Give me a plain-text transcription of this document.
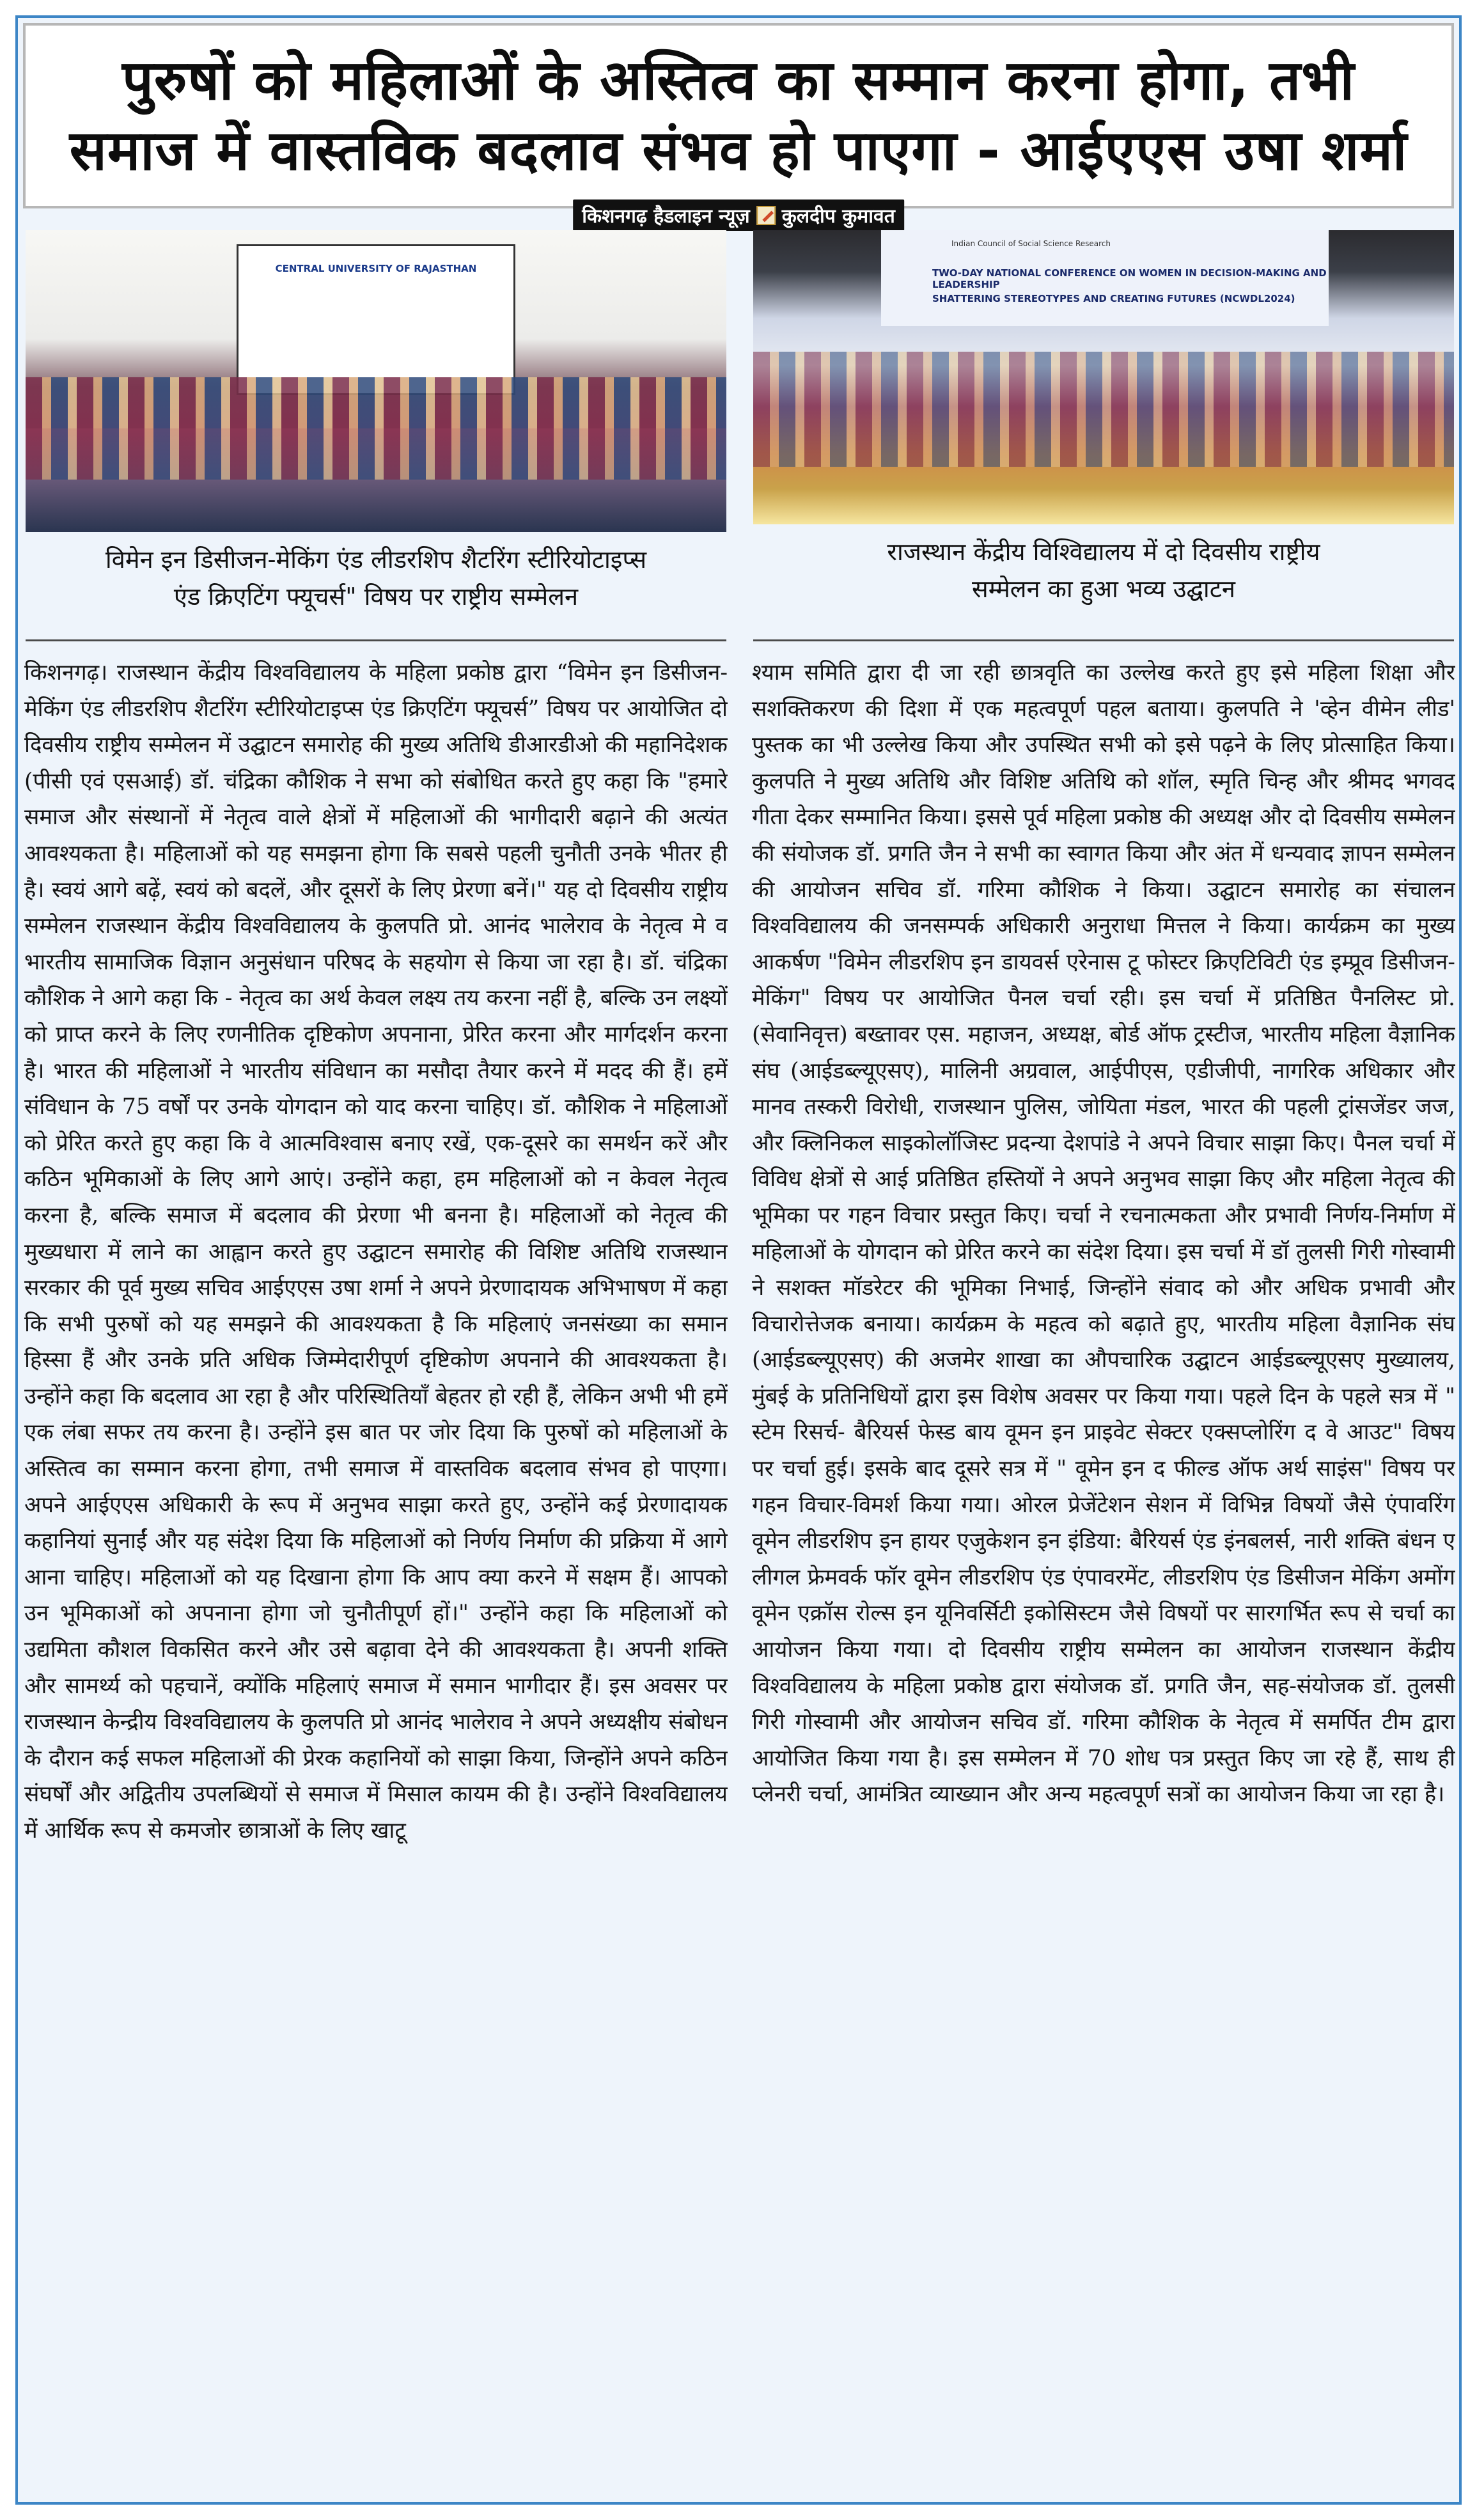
पुरुषों को महिलाओं के अस्तित्व का सम्मान करना होगा, तभी
समाज में वास्तविक बदलाव संभव हो पाएगा - आईएएस उषा शर्मा
किशनगढ़ हैडलाइन न्यूज़ कुलदीप कुमावत
CENTRAL UNIVERSITY OF RAJASTHAN
Indian Council of Social Science Research
TWO-DAY NATIONAL CONFERENCE ON WOMEN IN DECISION-MAKING AND LEADERSHIP
SHATTERING STEREOTYPES AND CREATING FUTURES (NCWDL2024)
विमेन इन डिसीजन-मेकिंग एंड लीडरशिप शैटरिंग स्टीरियोटाइप्स
एंड क्रिएटिंग फ्यूचर्स" विषय पर राष्ट्रीय सम्मेलन
राजस्थान केंद्रीय विश्विद्यालय में दो दिवसीय राष्ट्रीय
सम्मेलन का हुआ भव्य उद्घाटन
किशनगढ़। राजस्थान केंद्रीय विश्वविद्यालय के महिला प्रकोष्ठ द्वारा “विमेन इन डिसीजन-मेकिंग एंड लीडरशिप शैटरिंग स्टीरियोटाइप्स एंड क्रिएटिंग फ्यूचर्स” विषय पर आयोजित दो दिवसीय राष्ट्रीय सम्मेलन में उद्घाटन समारोह की मुख्य अतिथि डीआरडीओ की महानिदेशक (पीसी एवं एसआई) डॉ. चंद्रिका कौशिक ने सभा को संबोधित करते हुए कहा कि "हमारे समाज और संस्थानों में नेतृत्व वाले क्षेत्रों में महिलाओं की भागीदारी बढ़ाने की अत्यंत आवश्यकता है। महिलाओं को यह समझना होगा कि सबसे पहली चुनौती उनके भीतर ही है। स्वयं आगे बढ़ें, स्वयं को बदलें, और दूसरों के लिए प्रेरणा बनें।" यह दो दिवसीय राष्ट्रीय सम्मेलन राजस्थान केंद्रीय विश्वविद्यालय के कुलपति प्रो. आनंद भालेराव के नेतृत्व मे व भारतीय सामाजिक विज्ञान अनुसंधान परिषद के सहयोग से किया जा रहा है। डॉ. चंद्रिका कौशिक ने आगे कहा कि - नेतृत्व का अर्थ केवल लक्ष्य तय करना नहीं है, बल्कि उन लक्ष्यों को प्राप्त करने के लिए रणनीतिक दृष्टिकोण अपनाना, प्रेरित करना और मार्गदर्शन करना है। भारत की महिलाओं ने भारतीय संविधान का मसौदा तैयार करने में मदद की हैं। हमें संविधान के 75 वर्षों पर उनके योगदान को याद करना चाहिए। डॉ. कौशिक ने महिलाओं को प्रेरित करते हुए कहा कि वे आत्मविश्वास बनाए रखें, एक-दूसरे का समर्थन करें और कठिन भूमिकाओं के लिए आगे आएं। उन्होंने कहा, हम महिलाओं को न केवल नेतृत्व करना है, बल्कि समाज में बदलाव की प्रेरणा भी बनना है। महिलाओं को नेतृत्व की मुख्यधारा में लाने का आह्वान करते हुए उद्घाटन समारोह की विशिष्ट अतिथि राजस्थान सरकार की पूर्व मुख्य सचिव आईएएस उषा शर्मा ने अपने प्रेरणादायक अभिभाषण में कहा कि सभी पुरुषों को यह समझने की आवश्यकता है कि महिलाएं जनसंख्या का समान हिस्सा हैं और उनके प्रति अधिक जिम्मेदारीपूर्ण दृष्टिकोण अपनाने की आवश्यकता है। उन्होंने कहा कि बदलाव आ रहा है और परिस्थितियाँ बेहतर हो रही हैं, लेकिन अभी भी हमें एक लंबा सफर तय करना है। उन्होंने इस बात पर जोर दिया कि पुरुषों को महिलाओं के अस्तित्व का सम्मान करना होगा, तभी समाज में वास्तविक बदलाव संभव हो पाएगा। अपने आईएएस अधिकारी के रूप में अनुभव साझा करते हुए, उन्होंने कई प्रेरणादायक कहानियां सुनाईं और यह संदेश दिया कि महिलाओं को निर्णय निर्माण की प्रक्रिया में आगे आना चाहिए। महिलाओं को यह दिखाना होगा कि आप क्या करने में सक्षम हैं। आपको उन भूमिकाओं को अपनाना होगा जो चुनौतीपूर्ण हों।" उन्होंने कहा कि महिलाओं को उद्यमिता कौशल विकसित करने और उसे बढ़ावा देने की आवश्यकता है। अपनी शक्ति और सामर्थ्य को पहचानें, क्योंकि महिलाएं समाज में समान भागीदार हैं। इस अवसर पर राजस्थान केन्द्रीय विश्वविद्यालय के कुलपति प्रो आनंद भालेराव ने अपने अध्यक्षीय संबोधन के दौरान कई सफल महिलाओं की प्रेरक कहानियों को साझा किया, जिन्होंने अपने कठिन संघर्षों और अद्वितीय उपलब्धियों से समाज में मिसाल कायम की है। उन्होंने विश्वविद्यालय में आर्थिक रूप से कमजोर छात्राओं के लिए खाटू
श्याम समिति द्वारा दी जा रही छात्रवृति का उल्लेख करते हुए इसे महिला शिक्षा और सशक्तिकरण की दिशा में एक महत्वपूर्ण पहल बताया। कुलपति ने 'व्हेन वीमेन लीड' पुस्तक का भी उल्लेख किया और उपस्थित सभी को इसे पढ़ने के लिए प्रोत्साहित किया। कुलपति ने मुख्य अतिथि और विशिष्ट अतिथि को शॉल, स्मृति चिन्ह और श्रीमद भगवद गीता देकर सम्मानित किया। इससे पूर्व महिला प्रकोष्ठ की अध्यक्ष और दो दिवसीय सम्मेलन की संयोजक डॉ. प्रगति जैन ने सभी का स्वागत किया और अंत में धन्यवाद ज्ञापन सम्मेलन की आयोजन सचिव डॉ. गरिमा कौशिक ने किया। उद्घाटन समारोह का संचालन विश्वविद्यालय की जनसम्पर्क अधिकारी अनुराधा मित्तल ने किया। कार्यक्रम का मुख्य आकर्षण "विमेन लीडरशिप इन डायवर्स एरेनास टू फोस्टर क्रिएटिविटी एंड इम्प्रूव डिसीजन-मेकिंग" विषय पर आयोजित पैनल चर्चा रही। इस चर्चा में प्रतिष्ठित पैनलिस्ट प्रो. (सेवानिवृत्त) बख्तावर एस. महाजन, अध्यक्ष, बोर्ड ऑफ ट्रस्टीज, भारतीय महिला वैज्ञानिक संघ (आईडब्ल्यूएसए), मालिनी अग्रवाल, आईपीएस, एडीजीपी, नागरिक अधिकार और मानव तस्करी विरोधी, राजस्थान पुलिस, जोयिता मंडल, भारत की पहली ट्रांसजेंडर जज, और क्लिनिकल साइकोलॉजिस्ट प्रदन्या देशपांडे ने अपने विचार साझा किए। पैनल चर्चा में विविध क्षेत्रों से आई प्रतिष्ठित हस्तियों ने अपने अनुभव साझा किए और महिला नेतृत्व की भूमिका पर गहन विचार प्रस्तुत किए। चर्चा ने रचनात्मकता और प्रभावी निर्णय-निर्माण में महिलाओं के योगदान को प्रेरित करने का संदेश दिया। इस चर्चा में डॉ तुलसी गिरी गोस्वामी ने सशक्त मॉडरेटर की भूमिका निभाई, जिन्होंने संवाद को और अधिक प्रभावी और विचारोत्तेजक बनाया। कार्यक्रम के महत्व को बढ़ाते हुए, भारतीय महिला वैज्ञानिक संघ (आईडब्ल्यूएसए) की अजमेर शाखा का औपचारिक उद्घाटन आईडब्ल्यूएसए मुख्यालय, मुंबई के प्रतिनिधियों द्वारा इस विशेष अवसर पर किया गया। पहले दिन के पहले सत्र में " स्टेम रिसर्च- बैरियर्स फेस्ड बाय वूमन इन प्राइवेट सेक्टर एक्सप्लोरिंग द वे आउट" विषय पर चर्चा हुई। इसके बाद दूसरे सत्र में " वूमेन इन द फील्ड ऑफ अर्थ साइंस" विषय पर गहन विचार-विमर्श किया गया। ओरल प्रेजेंटेशन सेशन में विभिन्न विषयों जैसे एंपावरिंग वूमेन लीडरशिप इन हायर एजुकेशन इन इंडिया: बैरियर्स एंड इंनबलर्स, नारी शक्ति बंधन ए लीगल फ्रेमवर्क फॉर वूमेन लीडरशिप एंड एंपावरमेंट, लीडरशिप एंड डिसीजन मेकिंग अमोंग वूमेन एक्रॉस रोल्स इन यूनिवर्सिटी इकोसिस्टम जैसे विषयों पर सारगर्भित रूप से चर्चा का आयोजन किया गया। दो दिवसीय राष्ट्रीय सम्मेलन का आयोजन राजस्थान केंद्रीय विश्वविद्यालय के महिला प्रकोष्ठ द्वारा संयोजक डॉ. प्रगति जैन, सह-संयोजक डॉ. तुलसी गिरी गोस्वामी और आयोजन सचिव डॉ. गरिमा कौशिक के नेतृत्व में समर्पित टीम द्वारा आयोजित किया गया है। इस सम्मेलन में 70 शोध पत्र प्रस्तुत किए जा रहे हैं, साथ ही प्लेनरी चर्चा, आमंत्रित व्याख्यान और अन्य महत्वपूर्ण सत्रों का आयोजन किया जा रहा है।
